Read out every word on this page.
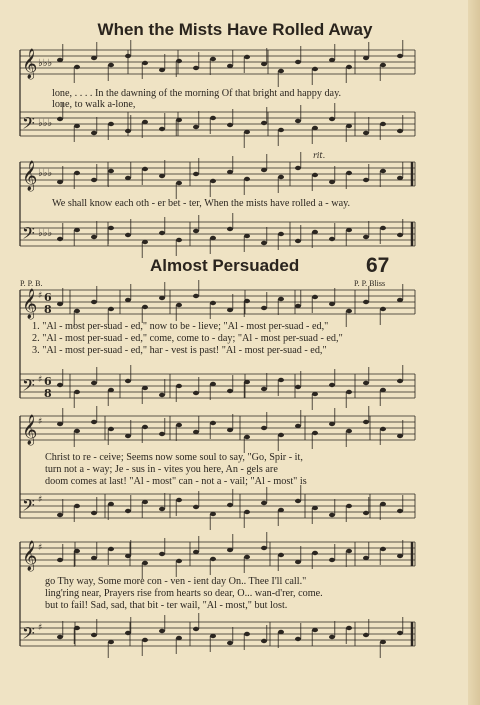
𝄞
𝄢
𝄞
𝄢
𝄞
𝄢
𝄞
𝄢
𝄞
𝄢
♭♭♭
♭♭♭
♭♭♭
♭♭♭
♯ 6
8
♯ 6
8
♯
♯
♯
♯
rit.
When the Mists Have Rolled Away
lone, . . . . In the dawning of the morning Of that bright and happy day.
lone, to walk a-lone,
We shall know each oth - er bet - ter, When the mists have rolled a - way.
Almost Persuaded	67
P. P. B.	P. P. Bliss
1. "Al - most per-suad - ed," now to be - lieve; "Al - most per-suad - ed,"
2. "Al - most per-suad - ed," come, come to - day; "Al - most per-suad - ed,"
3. "Al - most per-suad - ed," har - vest is past! "Al - most per-suad - ed,"
Christ to re - ceive; Seems now some soul to say, "Go, Spir - it,
turn not a - way; Je - sus in - vites you here, An - gels are
doom comes at last! "Al - most" can - not a - vail; "Al - most" is
go Thy way, Some more con - ven - ient day On.. Thee I'll call."
ling'ring near, Prayers rise from hearts so dear, O... wan-d'rer, come.
but to fail! Sad, sad, that bit - ter wail, "Al - most," but lost.
